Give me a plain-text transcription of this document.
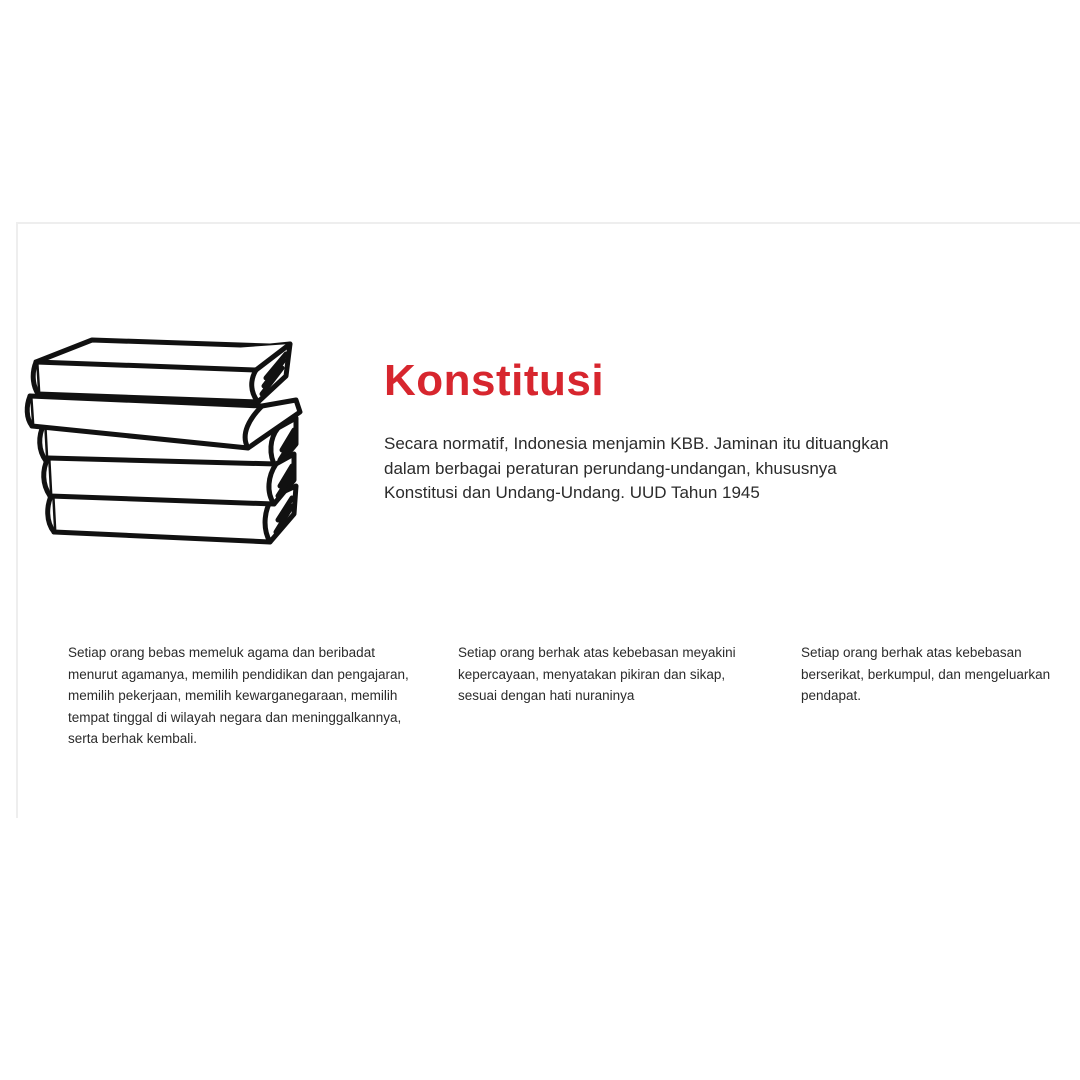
Konstitusi

Secara normatif, Indonesia menjamin KBB. Jaminan itu dituangkan dalam berbagai peraturan perundang-undangan, khususnya Konstitusi dan Undang-Undang. UUD Tahun 1945

Setiap orang bebas memeluk agama dan beribadat menurut agamanya, memilih pendidikan dan pengajaran, memilih pekerjaan, memilih kewarganegaraan, memilih tempat tinggal di wilayah negara dan meninggalkannya, serta berhak kembali.

Setiap orang berhak atas kebebasan meyakini kepercayaan, menyatakan pikiran dan sikap, sesuai dengan hati nuraninya

Setiap orang berhak atas kebebasan berserikat, berkumpul, dan mengeluarkan pendapat.
